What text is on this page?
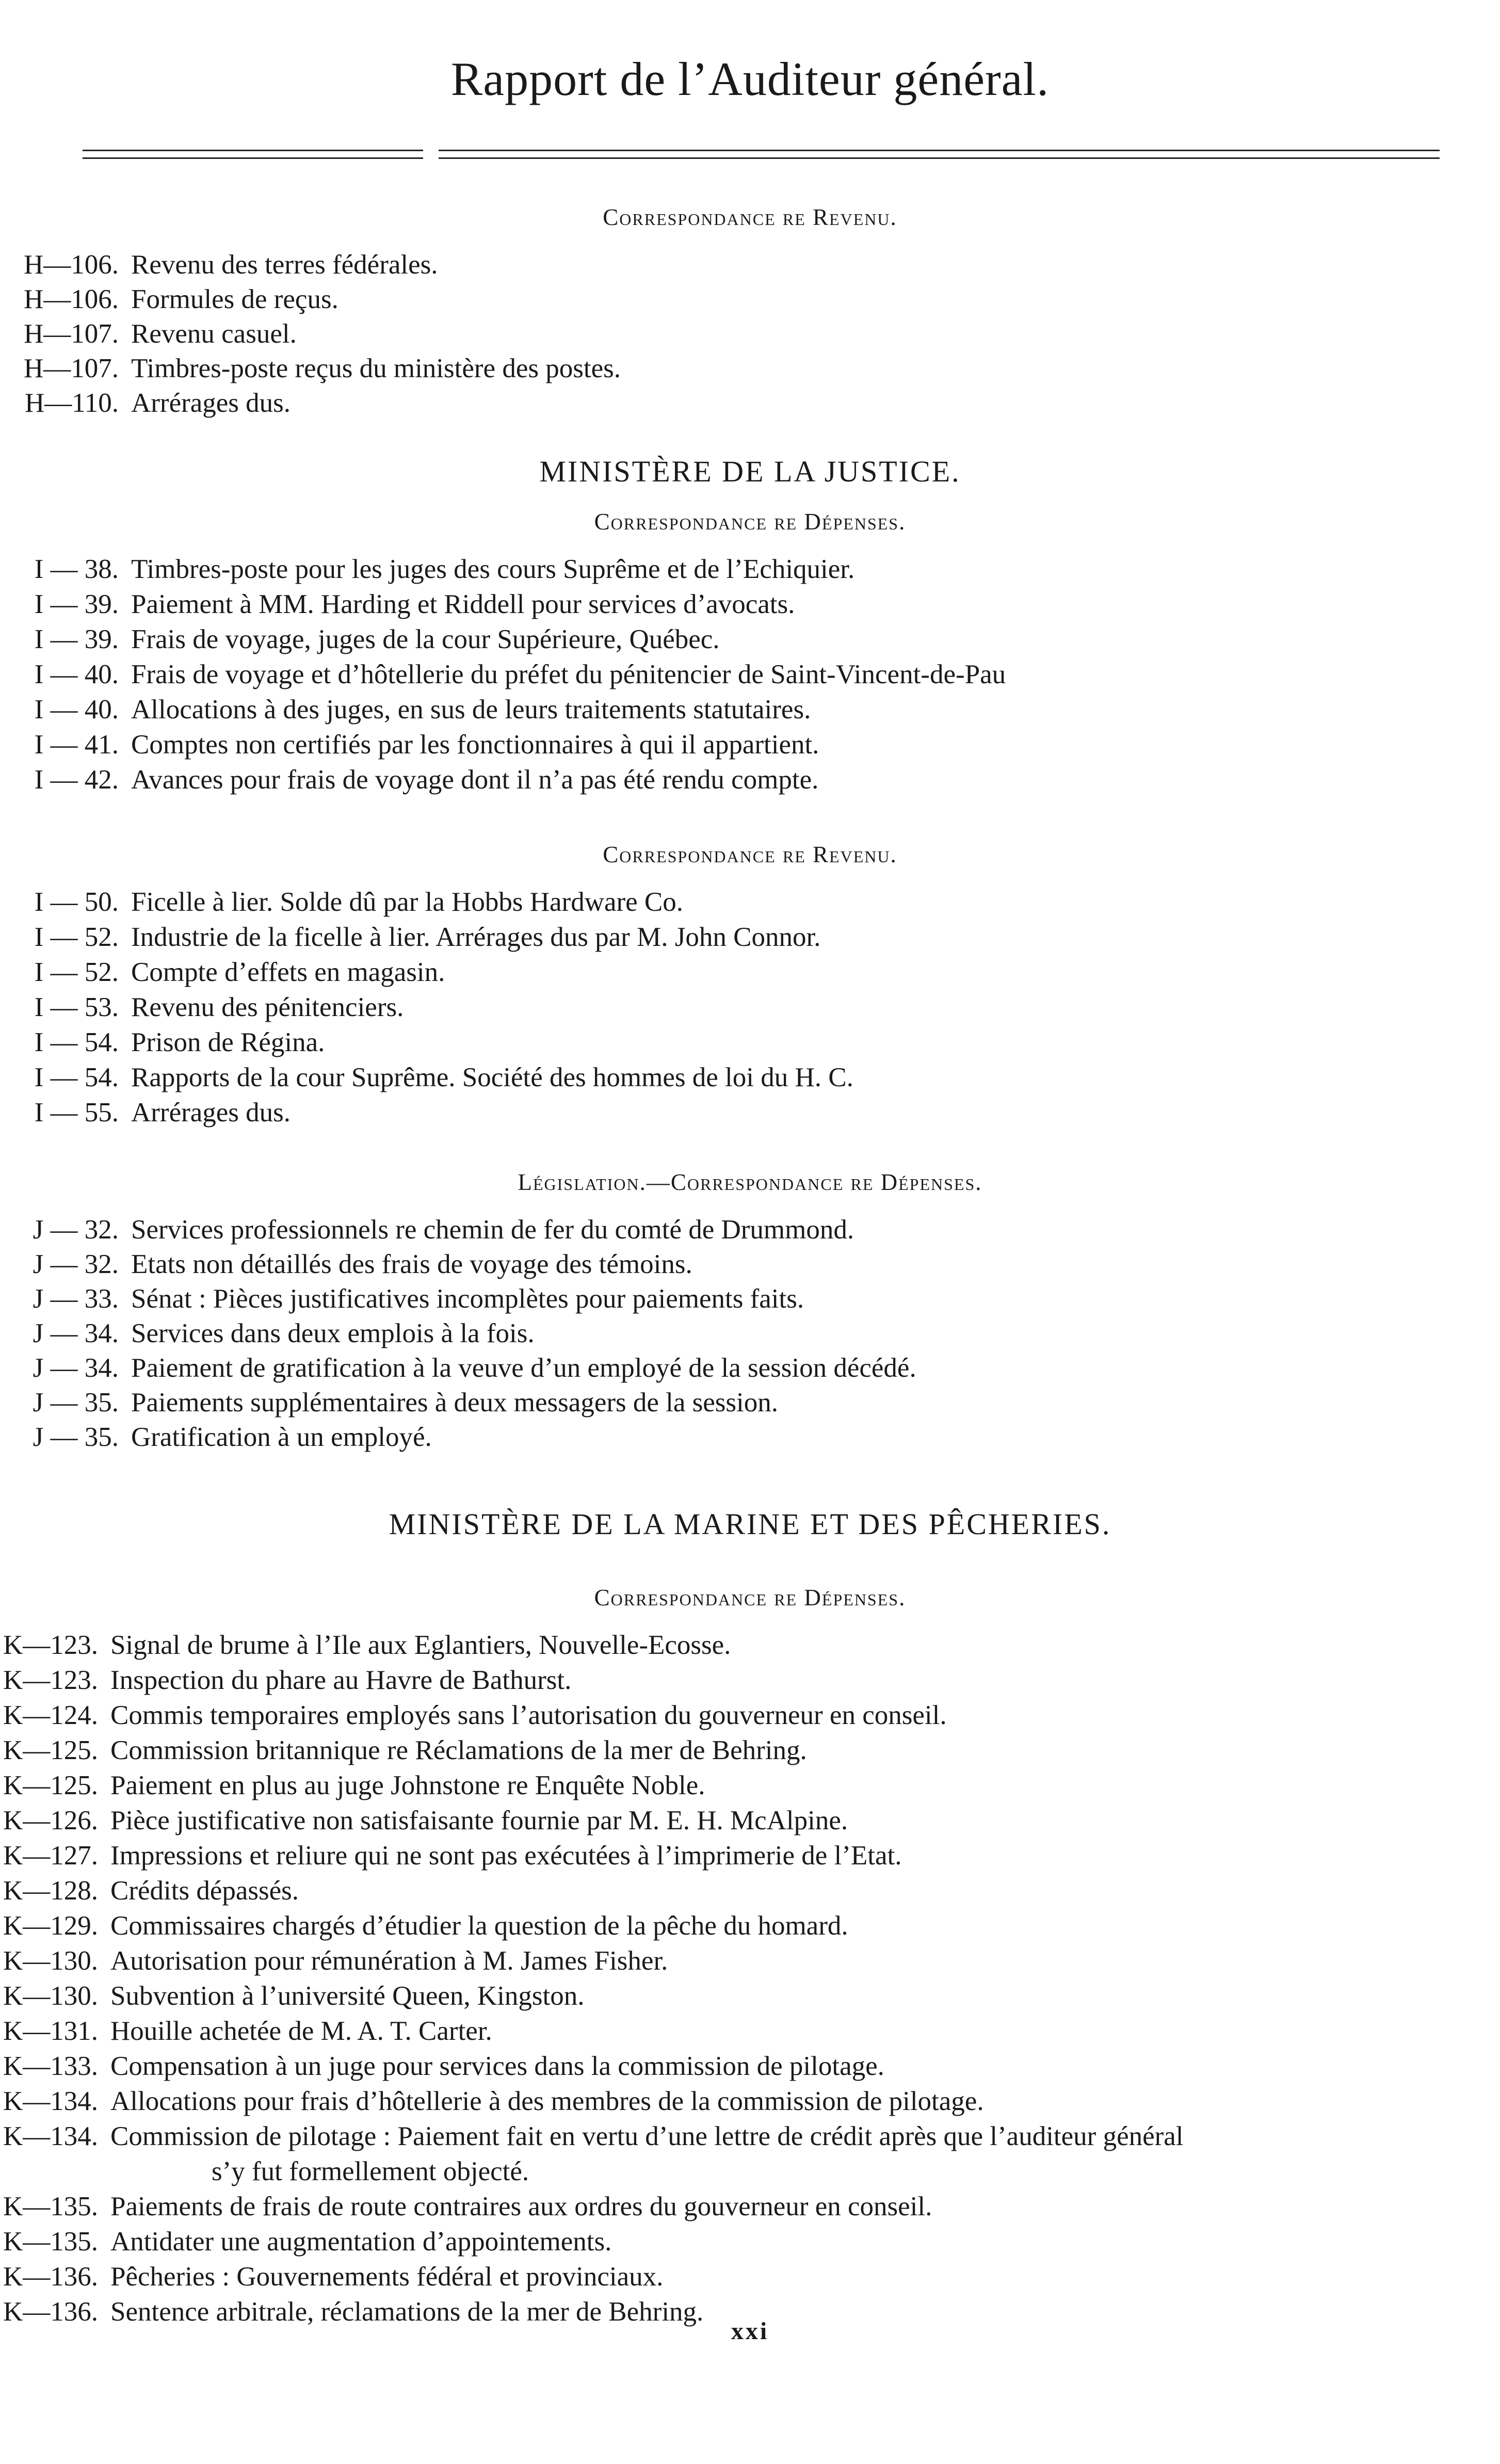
Rapport de l’Auditeur général.
Correspondance re Revenu.
H—106. Revenu des terres fédérales.
H—106. Formules de reçus.
H—107. Revenu casuel.
H—107. Timbres-poste reçus du ministère des postes.
H—110. Arrérages dus.
MINISTÈRE DE LA JUSTICE.
Correspondance re Dépenses.
I — 38. Timbres-poste pour les juges des cours Suprême et de l’Echiquier.
I — 39. Paiement à MM. Harding et Riddell pour services d’avocats.
I — 39. Frais de voyage, juges de la cour Supérieure, Québec.
I — 40. Frais de voyage et d’hôtellerie du préfet du pénitencier de Saint-Vincent-de-Pau
I — 40. Allocations à des juges, en sus de leurs traitements statutaires.
I — 41. Comptes non certifiés par les fonctionnaires à qui il appartient.
I — 42. Avances pour frais de voyage dont il n’a pas été rendu compte.
Correspondance re Revenu.
I — 50. Ficelle à lier. Solde dû par la Hobbs Hardware Co.
I — 52. Industrie de la ficelle à lier. Arrérages dus par M. John Connor.
I — 52. Compte d’effets en magasin.
I — 53. Revenu des pénitenciers.
I — 54. Prison de Régina.
I — 54. Rapports de la cour Suprême. Société des hommes de loi du H. C.
I — 55. Arrérages dus.
Législation.—Correspondance re Dépenses.
J — 32. Services professionnels re chemin de fer du comté de Drummond.
J — 32. Etats non détaillés des frais de voyage des témoins.
J — 33. Sénat : Pièces justificatives incomplètes pour paiements faits.
J — 34. Services dans deux emplois à la fois.
J — 34. Paiement de gratification à la veuve d’un employé de la session décédé.
J — 35. Paiements supplémentaires à deux messagers de la session.
J — 35. Gratification à un employé.
MINISTÈRE DE LA MARINE ET DES PÊCHERIES.
Correspondance re Dépenses.
K—123. Signal de brume à l’Ile aux Eglantiers, Nouvelle-Ecosse.
K—123. Inspection du phare au Havre de Bathurst.
K—124. Commis temporaires employés sans l’autorisation du gouverneur en conseil.
K—125. Commission britannique re Réclamations de la mer de Behring.
K—125. Paiement en plus au juge Johnstone re Enquête Noble.
K—126. Pièce justificative non satisfaisante fournie par M. E. H. McAlpine.
K—127. Impressions et reliure qui ne sont pas exécutées à l’imprimerie de l’Etat.
K—128. Crédits dépassés.
K—129. Commissaires chargés d’étudier la question de la pêche du homard.
K—130. Autorisation pour rémunération à M. James Fisher.
K—130. Subvention à l’université Queen, Kingston.
K—131. Houille achetée de M. A. T. Carter.
K—133. Compensation à un juge pour services dans la commission de pilotage.
K—134. Allocations pour frais d’hôtellerie à des membres de la commission de pilotage.
K—134. Commission de pilotage : Paiement fait en vertu d’une lettre de crédit après que l’auditeur général
s’y fut formellement objecté.
K—135. Paiements de frais de route contraires aux ordres du gouverneur en conseil.
K—135. Antidater une augmentation d’appointements.
K—136. Pêcheries : Gouvernements fédéral et provinciaux.
K—136. Sentence arbitrale, réclamations de la mer de Behring.
xxi
